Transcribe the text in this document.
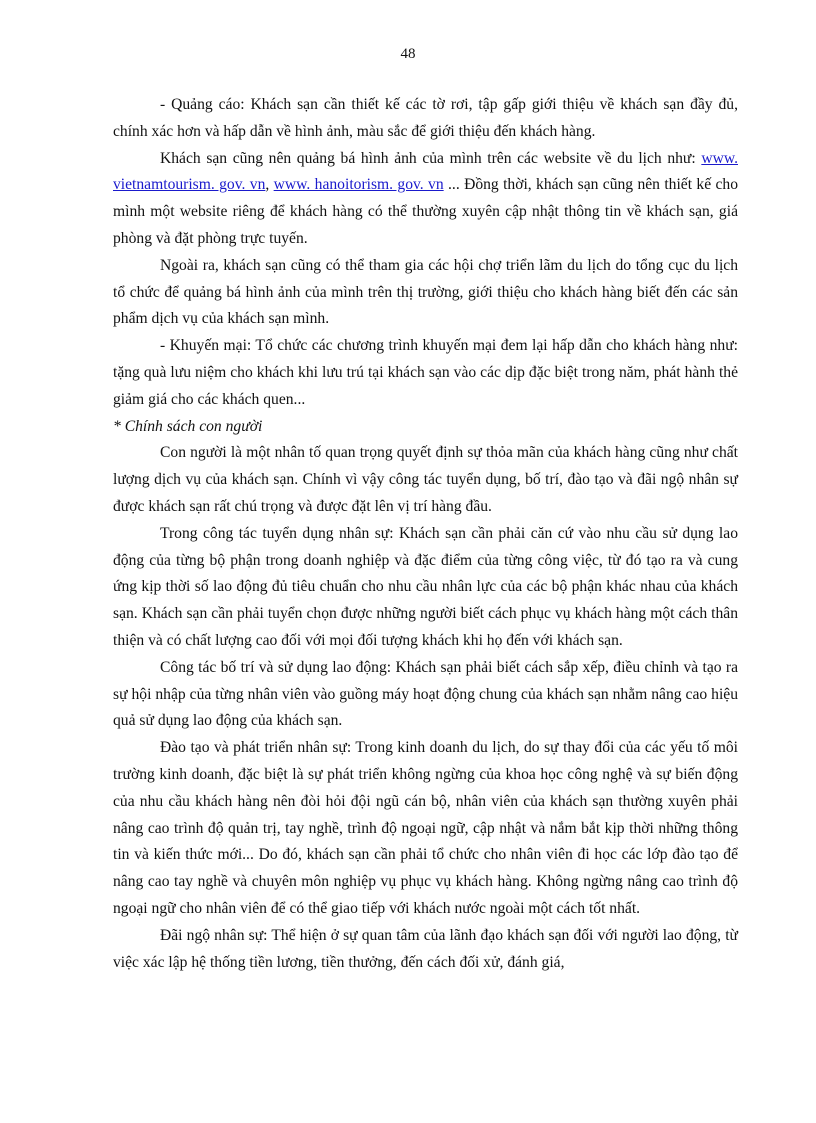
48

- Quảng cáo: Khách sạn cần thiết kế các tờ rơi, tập gấp giới thiệu về khách sạn đầy đủ, chính xác hơn và hấp dẫn về hình ảnh, màu sắc để giới thiệu đến khách hàng.

Khách sạn cũng nên quảng bá hình ảnh của mình trên các website về du lịch như: www. vietnamtourism. gov. vn, www. hanoitorism. gov. vn ... Đồng thời, khách sạn cũng nên thiết kế cho mình một website riêng để khách hàng có thể thường xuyên cập nhật thông tin về khách sạn, giá phòng và đặt phòng trực tuyến.

Ngoài ra, khách sạn cũng có thể tham gia các hội chợ triển lãm du lịch do tổng cục du lịch tổ chức để quảng bá hình ảnh của mình trên thị trường, giới thiệu cho khách hàng biết đến các sản phẩm dịch vụ của khách sạn mình.

- Khuyến mại: Tổ chức các chương trình khuyến mại đem lại hấp dẫn cho khách hàng như: tặng quà lưu niệm cho khách khi lưu trú tại khách sạn vào các dịp đặc biệt trong năm, phát hành thẻ giảm giá cho các khách quen...

* Chính sách con người

Con người là một nhân tố quan trọng quyết định sự thỏa mãn của khách hàng cũng như chất lượng dịch vụ của khách sạn. Chính vì vậy công tác tuyển dụng, bố trí, đào tạo và đãi ngộ nhân sự được khách sạn rất chú trọng và được đặt lên vị trí hàng đầu.

Trong công tác tuyển dụng nhân sự: Khách sạn cần phải căn cứ vào nhu cầu sử dụng lao động của từng bộ phận trong doanh nghiệp và đặc điểm của từng công việc, từ đó tạo ra và cung ứng kịp thời số lao động đủ tiêu chuẩn cho nhu cầu nhân lực của các bộ phận khác nhau của khách sạn. Khách sạn cần phải tuyển chọn được những người biết cách phục vụ khách hàng một cách thân thiện và có chất lượng cao đối với mọi đối tượng khách khi họ đến với khách sạn.

Công tác bố trí và sử dụng lao động: Khách sạn phải biết cách sắp xếp, điều chỉnh và tạo ra sự hội nhập của từng nhân viên vào guồng máy hoạt động chung của khách sạn nhằm nâng cao hiệu quả sử dụng lao động của khách sạn.

Đào tạo và phát triển nhân sự: Trong kinh doanh du lịch, do sự thay đổi của các yếu tố môi trường kinh doanh, đặc biệt là sự phát triển không ngừng của khoa học công nghệ và sự biến động của nhu cầu khách hàng nên đòi hỏi đội ngũ cán bộ, nhân viên của khách sạn thường xuyên phải nâng cao trình độ quản trị, tay nghề, trình độ ngoại ngữ, cập nhật và nắm bắt kịp thời những thông tin và kiến thức mới... Do đó, khách sạn cần phải tổ chức cho nhân viên đi học các lớp đào tạo để nâng cao tay nghề và chuyên môn nghiệp vụ phục vụ khách hàng. Không ngừng nâng cao trình độ ngoại ngữ cho nhân viên để có thể giao tiếp với khách nước ngoài một cách tốt nhất.

Đãi ngộ nhân sự: Thể hiện ở sự quan tâm của lãnh đạo khách sạn đối với người lao động, từ việc xác lập hệ thống tiền lương, tiền thưởng, đến cách đối xử, đánh giá,
